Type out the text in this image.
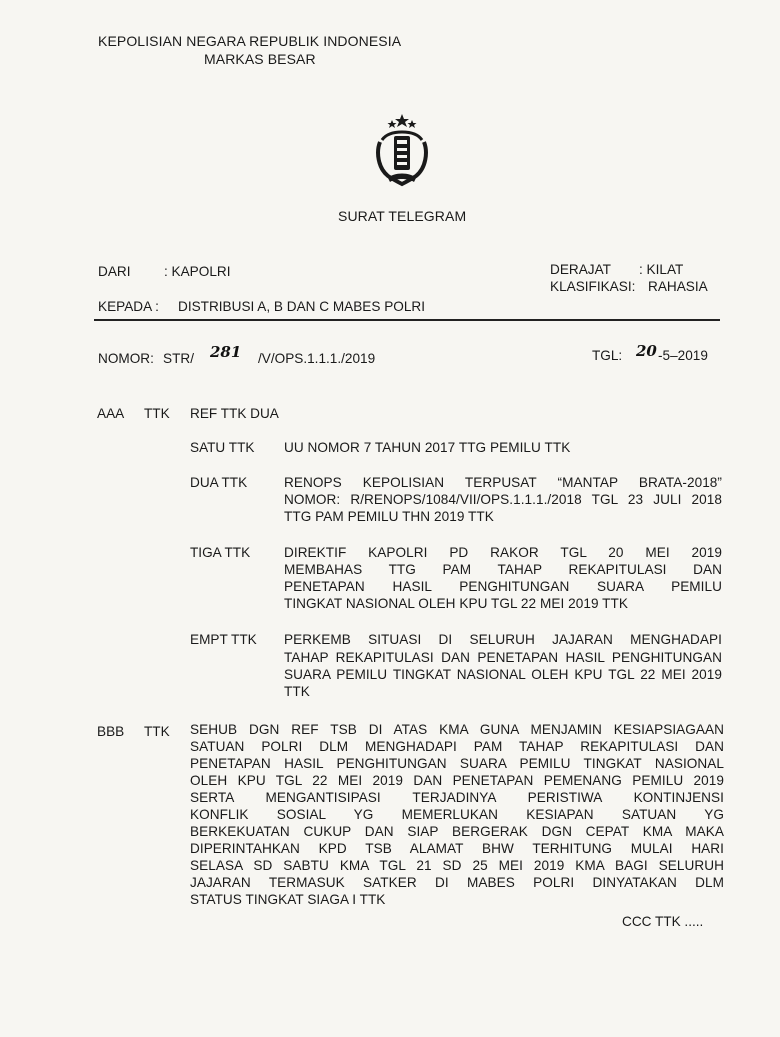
KEPOLISIAN NEGARA REPUBLIK INDONESIA
MARKAS BESAR
SURAT TELEGRAM
DARI : KAPOLRI
KEPADA : DISTRIBUSI A, B DAN C MABES POLRI
DERAJAT : KILAT
KLASIFIKASI: RAHASIA
NOMOR: STR/ 281 /V/OPS.1.1.1./2019	TGL: 20 -5–2019
AAA TTK REF TTK DUA
SATU TTK UU NOMOR 7 TAHUN 2017 TTG PEMILU TTK
DUA TTK	RENOPS KEPOLISIAN TERPUSAT “MANTAP BRATA-2018”
NOMOR: R/RENOPS/1084/VII/OPS.1.1.1./2018 TGL 23 JULI 2018
TTG PAM PEMILU THN 2019 TTK
TIGA TTK DIREKTIF KAPOLRI PD RAKOR TGL 20 MEI 2019
MEMBAHAS TTG PAM TAHAP REKAPITULASI DAN
PENETAPAN HASIL PENGHITUNGAN SUARA PEMILU
TINGKAT NASIONAL OLEH KPU TGL 22 MEI 2019 TTK
EMPT TTK PERKEMB SITUASI DI SELURUH JAJARAN MENGHADAPI
TAHAP REKAPITULASI DAN PENETAPAN HASIL PENGHITUNGAN
SUARA PEMILU TINGKAT NASIONAL OLEH KPU TGL 22 MEI 2019
TTK
BBB TTK SEHUB DGN REF TSB DI ATAS KMA GUNA MENJAMIN KESIAPSIAGAAN
SATUAN POLRI DLM MENGHADAPI PAM TAHAP REKAPITULASI DAN
PENETAPAN HASIL PENGHITUNGAN SUARA PEMILU TINGKAT NASIONAL
OLEH KPU TGL 22 MEI 2019 DAN PENETAPAN PEMENANG PEMILU 2019
SERTA MENGANTISIPASI TERJADINYA PERISTIWA KONTINJENSI
KONFLIK SOSIAL YG MEMERLUKAN KESIAPAN SATUAN YG
BERKEKUATAN CUKUP DAN SIAP BERGERAK DGN CEPAT KMA MAKA
DIPERINTAHKAN KPD TSB ALAMAT BHW TERHITUNG MULAI HARI
SELASA SD SABTU KMA TGL 21 SD 25 MEI 2019 KMA BAGI SELURUH
JAJARAN TERMASUK SATKER DI MABES POLRI DINYATAKAN DLM
STATUS TINGKAT SIAGA I TTK
CCC TTK .....
